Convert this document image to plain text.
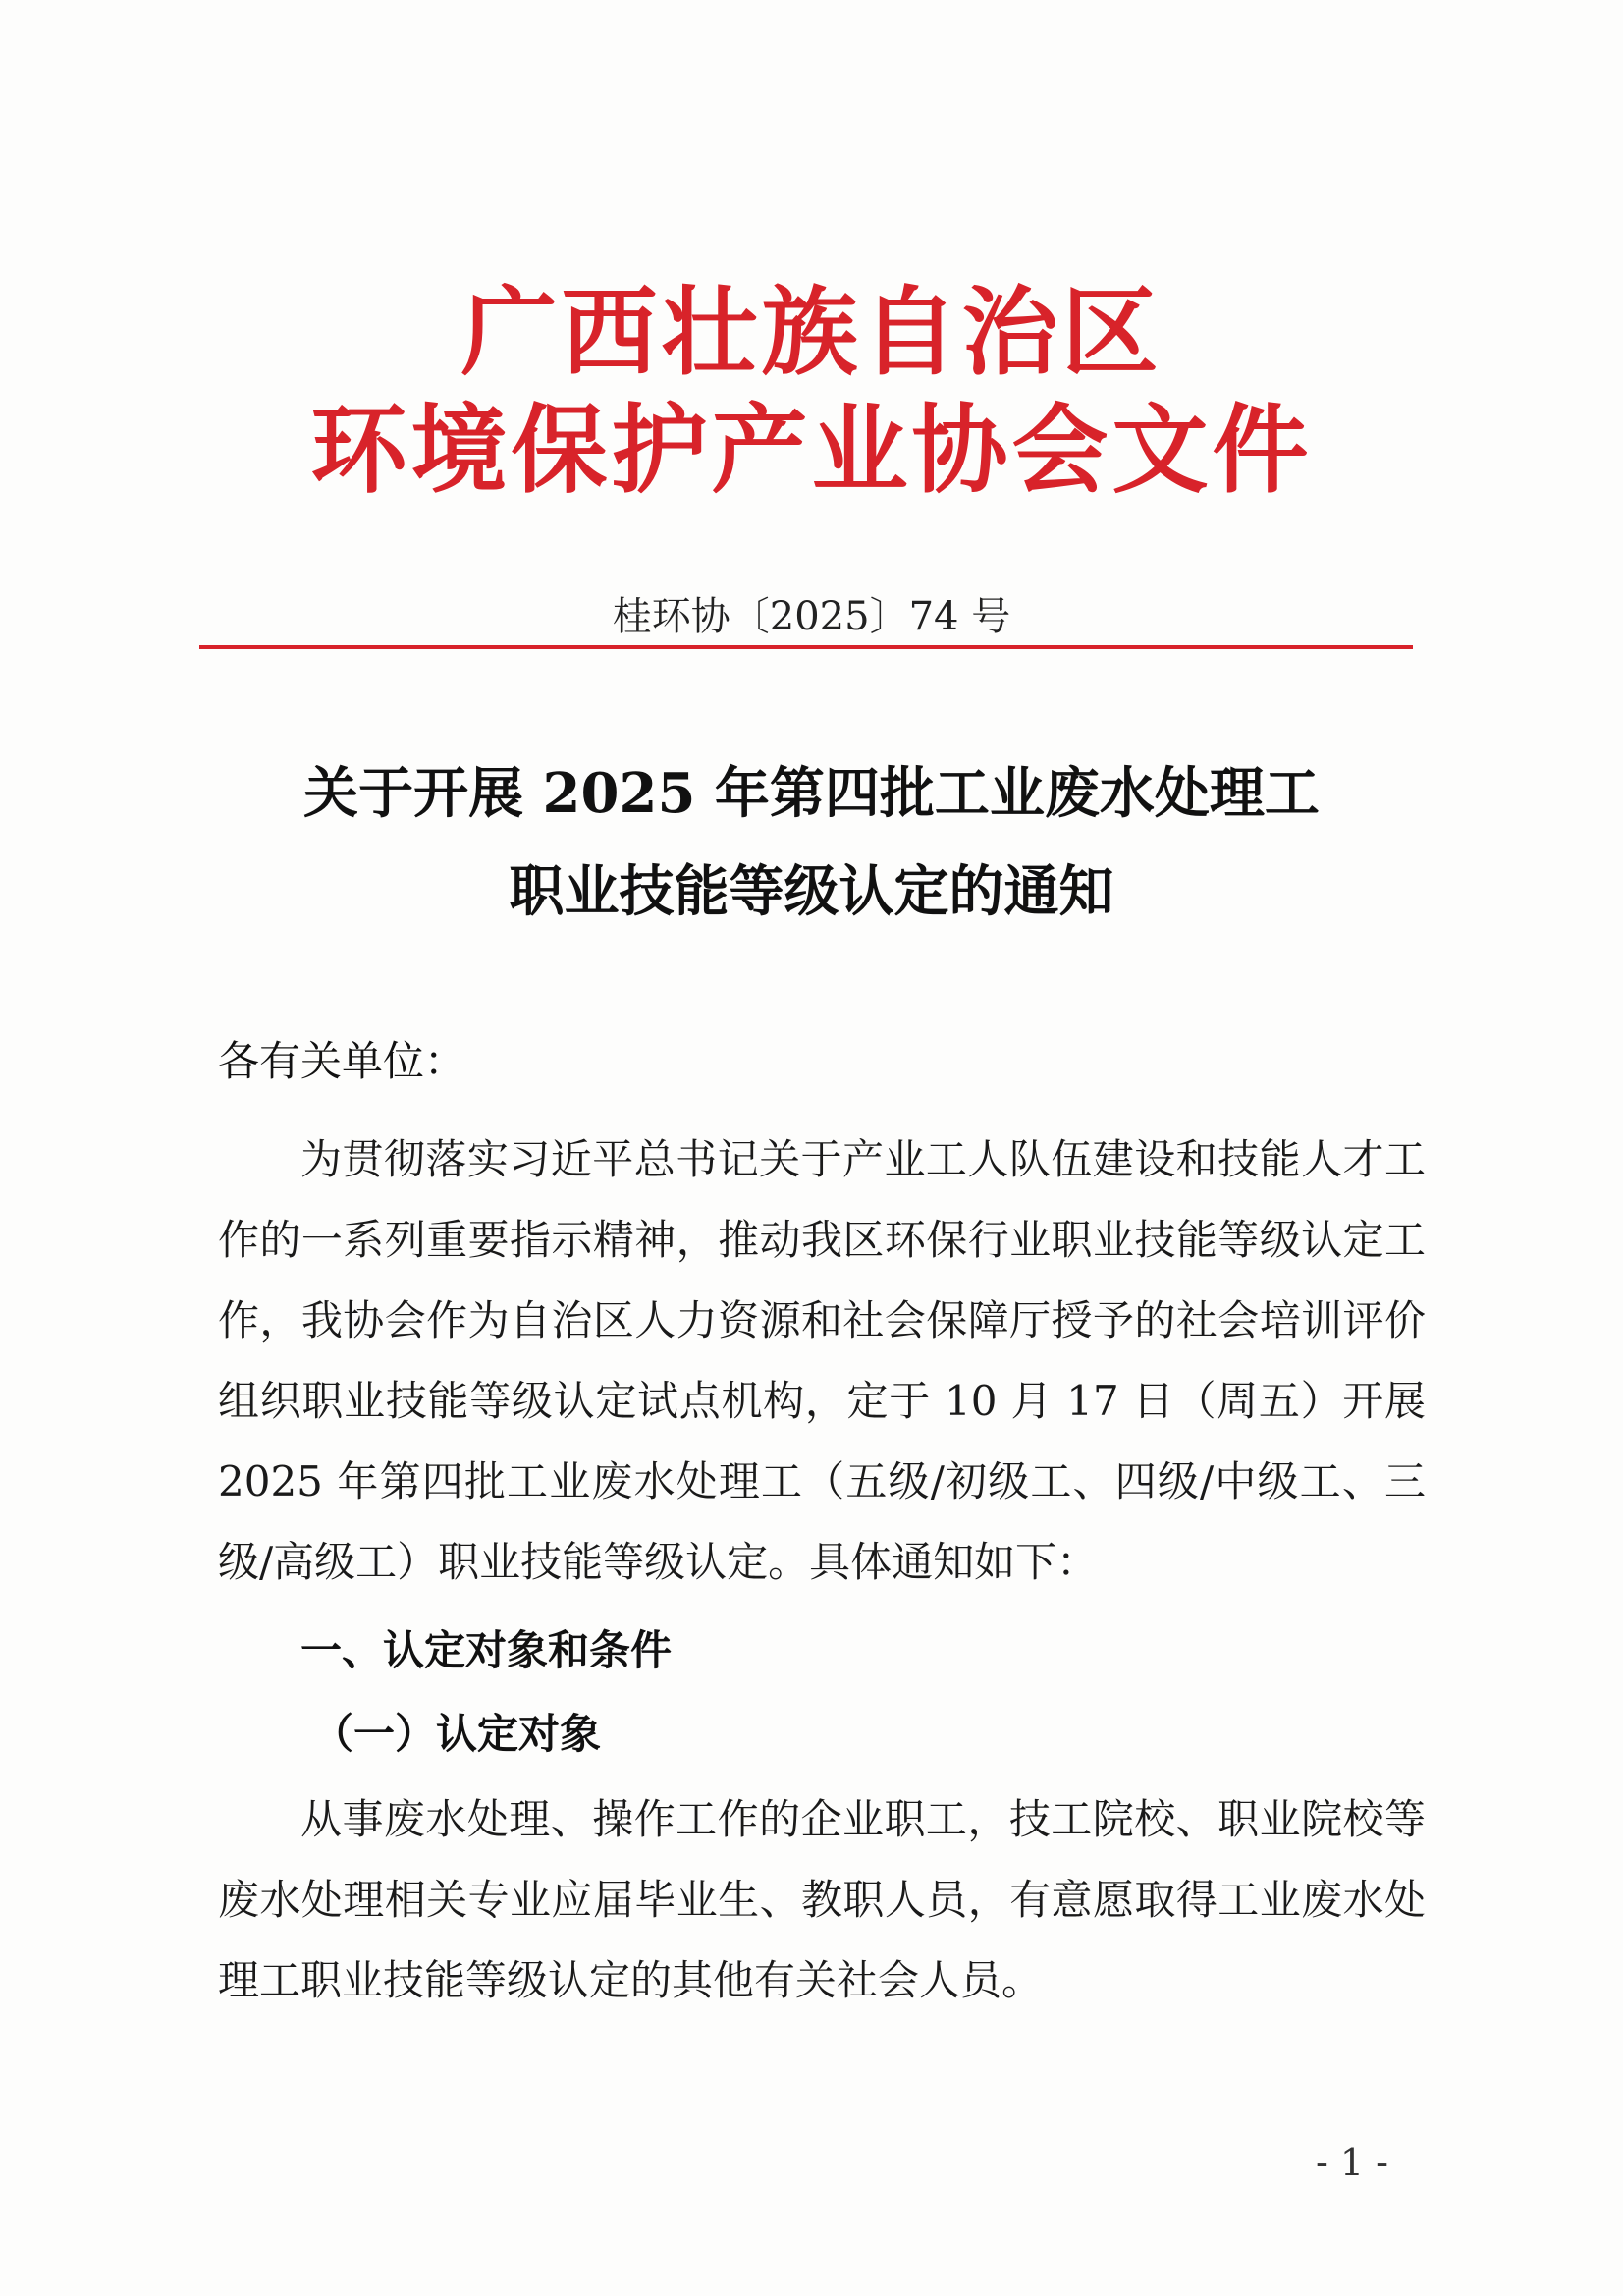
广西壮族自治区
环境保护产业协会文件
桂环协〔2025〕74 号
关于开展 2025 年第四批工业废水处理工
职业技能等级认定的通知
各有关单位：

为贯彻落实习近平总书记关于产业工人队伍建设和技能人才工作的一系列重要指示精神，推动我区环保行业职业技能等级认定工作，我协会作为自治区人力资源和社会保障厅授予的社会培训评价组织职业技能等级认定试点机构，定于 10 月 17 日（周五）开展 2025 年第四批工业废水处理工（五级/初级工、四级/中级工、三级/高级工）职业技能等级认定。具体通知如下：

一、认定对象和条件
（一）认定对象

从事废水处理、操作工作的企业职工，技工院校、职业院校等废水处理相关专业应届毕业生、教职人员，有意愿取得工业废水处理工职业技能等级认定的其他有关社会人员。

- 1 -
